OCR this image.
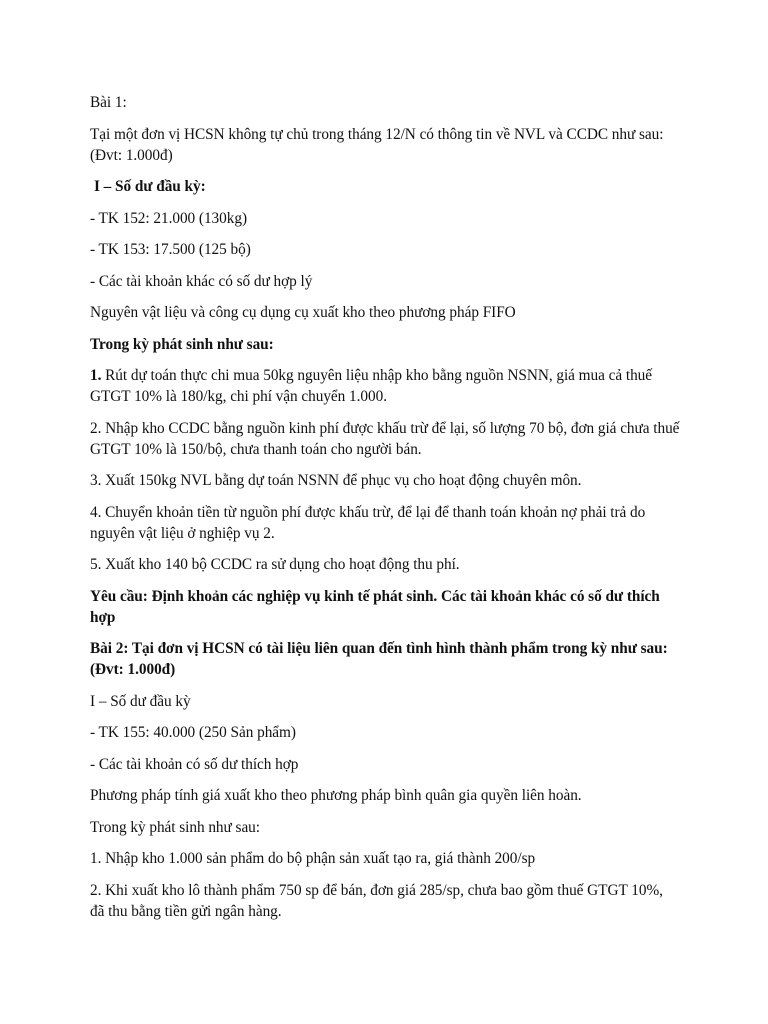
Bài 1:

Tại một đơn vị HCSN không tự chủ trong tháng 12/N có thông tin về NVL và CCDC như sau: (Đvt: 1.000đ)

I – Số dư đầu kỳ:

- TK 152: 21.000 (130kg)

- TK 153: 17.500 (125 bộ)

- Các tài khoản khác có số dư hợp lý

Nguyên vật liệu và công cụ dụng cụ xuất kho theo phương pháp FIFO

Trong kỳ phát sinh như sau:

1. Rút dự toán thực chi mua 50kg nguyên liệu nhập kho bằng nguồn NSNN, giá mua cả thuế GTGT 10% là 180/kg, chi phí vận chuyển 1.000.

2. Nhập kho CCDC bằng nguồn kinh phí được khấu trừ để lại, số lượng 70 bộ, đơn giá chưa thuế GTGT 10% là 150/bộ, chưa thanh toán cho người bán.

3. Xuất 150kg NVL bằng dự toán NSNN để phục vụ cho hoạt động chuyên môn.

4. Chuyển khoản tiền từ nguồn phí được khấu trừ, để lại để thanh toán khoản nợ phải trả do nguyên vật liệu ở nghiệp vụ 2.

5. Xuất kho 140 bộ CCDC ra sử dụng cho hoạt động thu phí.

Yêu cầu: Định khoản các nghiệp vụ kinh tế phát sinh. Các tài khoản khác có số dư thích hợp

Bài 2: Tại đơn vị HCSN có tài liệu liên quan đến tình hình thành phẩm trong kỳ như sau: (Đvt: 1.000đ)

I – Số dư đầu kỳ

- TK 155: 40.000 (250 Sản phẩm)

- Các tài khoản có số dư thích hợp

Phương pháp tính giá xuất kho theo phương pháp bình quân gia quyền liên hoàn.

Trong kỳ phát sinh như sau:

1. Nhập kho 1.000 sản phẩm do bộ phận sản xuất tạo ra, giá thành 200/sp

2. Khi xuất kho lô thành phẩm 750 sp để bán, đơn giá 285/sp, chưa bao gồm thuế GTGT 10%, đã thu bằng tiền gửi ngân hàng.
